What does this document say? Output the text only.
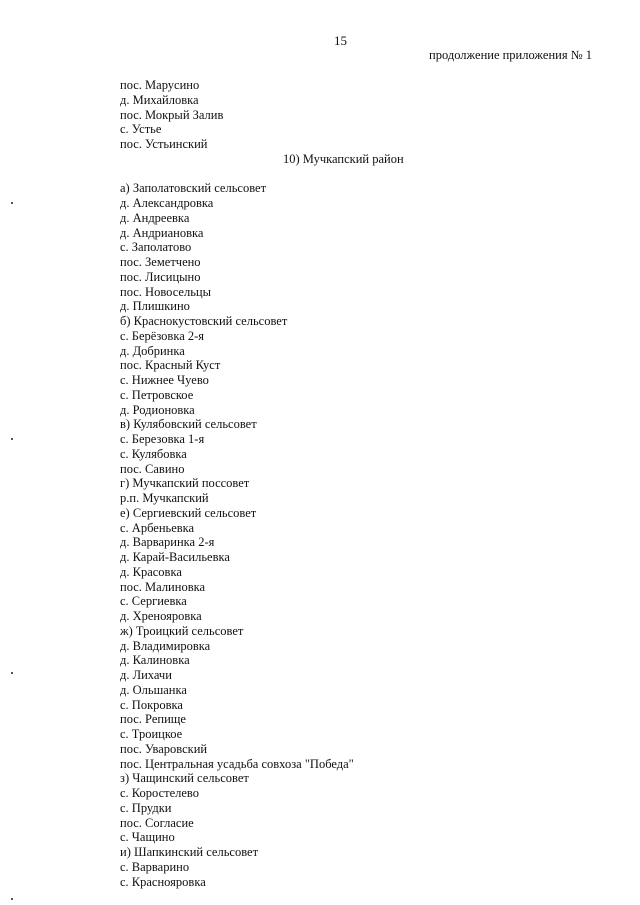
15
продолжение приложения № 1
пос. Марусино
д. Михайловка
пос. Мокрый Залив
с. Устье
пос. Устьинский
10) Мучкапский район
а) Заполатовский сельсовет
д. Александровка
д. Андреевка
д. Андриановка
с. Заполатово
пос. Земетчено
пос. Лисицыно
пос. Новосельцы
д. Плишкино
б) Краснокустовский сельсовет
с. Берёзовка 2-я
д. Добринка
пос. Красный Куст
с. Нижнее Чуево
с. Петровское
д. Родионовка
в) Кулябовский сельсовет
с. Березовка 1-я
с. Кулябовка
пос. Савино
г) Мучкапский поссовет
р.п. Мучкапский
е) Сергиевский сельсовет
с. Арбеньевка
д. Варваринка 2-я
д. Карай-Васильевка
д. Красовка
пос. Малиновка
с. Сергиевка
д. Хренояровка
ж) Троицкий сельсовет
д. Владимировка
д. Калиновка
д. Лихачи
д. Ольшанка
с. Покровка
пос. Репище
с. Троицкое
пос. Уваровский
пос. Центральная усадьба совхоза "Победа"
з) Чащинский сельсовет
с. Коростелево
с. Прудки
пос. Согласие
с. Чащино
и) Шапкинский сельсовет
с. Варварино
с. Краснояровка
